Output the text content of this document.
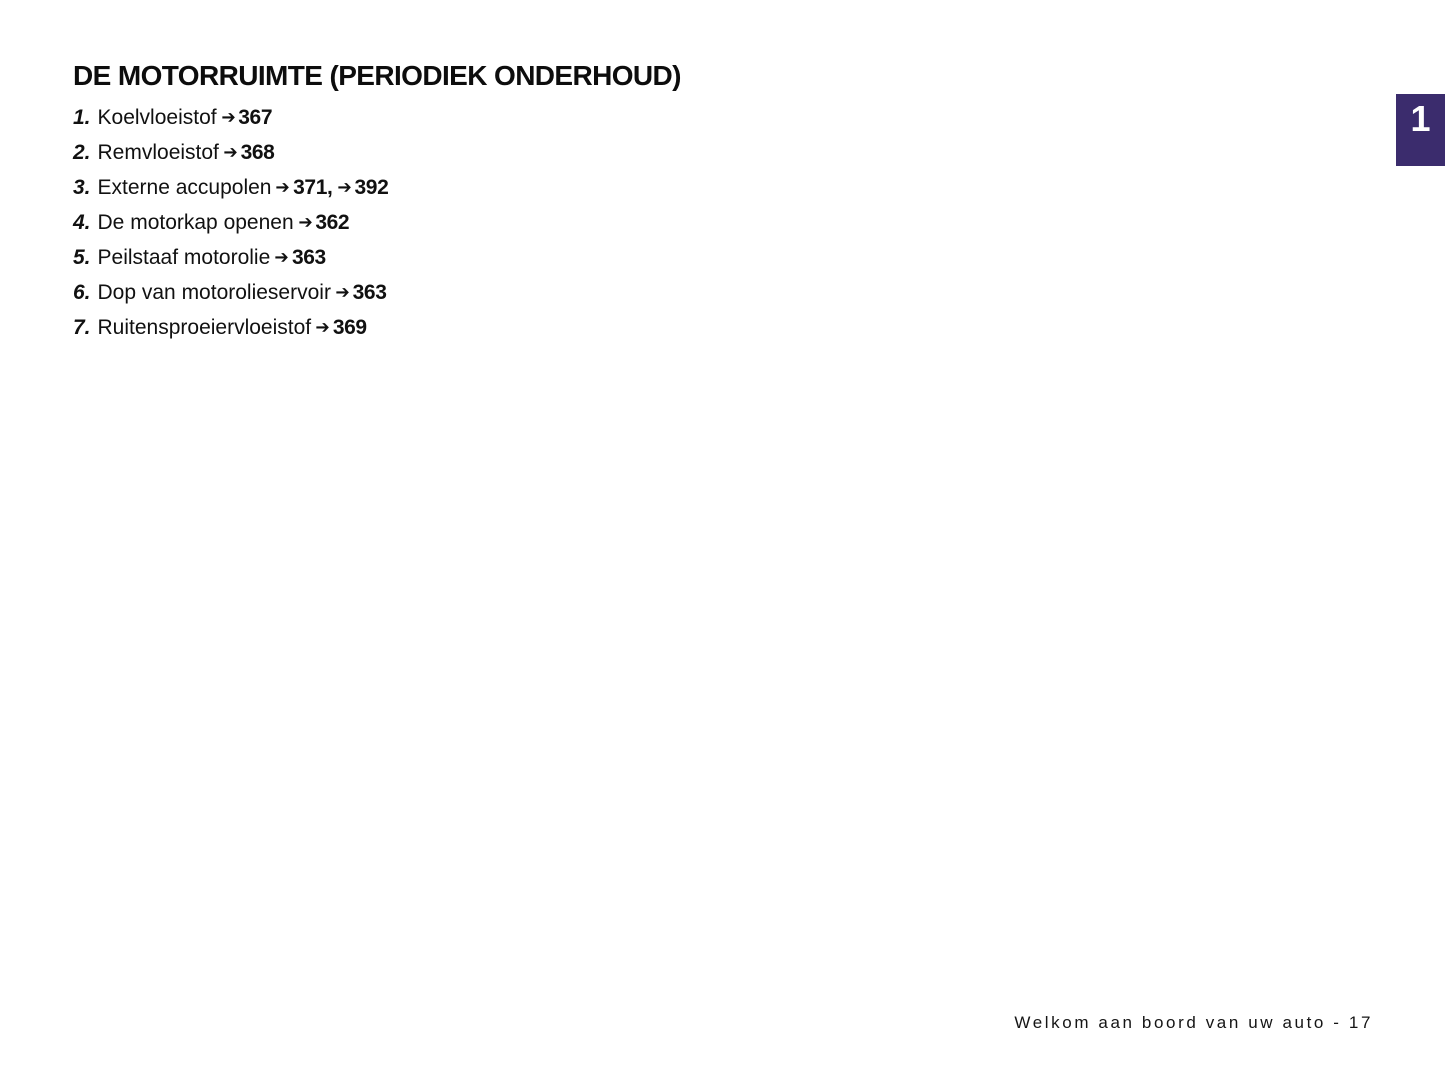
DE MOTORRUIMTE (PERIODIEK ONDERHOUD)
1. Koelvloeistof ➔ 367
2. Remvloeistof ➔ 368
3. Externe accupolen ➔ 371 , ➔ 392
4. De motorkap openen ➔ 362
5. Peilstaaf motorolie ➔ 363
6. Dop van motorolieservoir ➔ 363
7. Ruitensproeiervloeistof ➔ 369
1
Welkom aan boord van uw auto - 17
